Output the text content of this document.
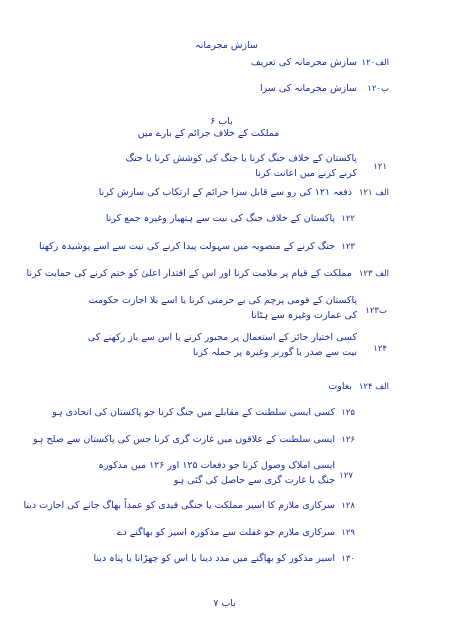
سازش مجرمانہ
الف۱۲۰
سازش مجرمانہ کی تعریف
ب۱۲۰
سازش مجرمانہ کی سزا
باب ۶
مملکت کے خلاف جرائم کے بارے میں
۱۲۱
پاکستان کے خلاف جنگ کرنا یا جنگ کی کوشش کرنا یا جنگ کرنے کرنے میں اعانت کرنا
الف ۱۲۱
دفعہ ۱۲۱ کی رو سے قابل سزا جرائم کے ارتکاب کی سازش کرنا
۱۲۲
پاکستان کے خلاف جنگ کی نیت سے ہتھیار وغیرہ جمع کرنا
۱۲۳
جنگ کرنے کے منصوبہ میں سہولت پیدا کرنے کی نیت سے اسے پوشیدہ رکھنا
الف ۱۲۳
مملکت کے قیام پر ملامت کرنا اور اس کے اقتدار اعلیٰ کو ختم کرنے کی حمایت کرنا
ب۱۲۳
پاکستان کے قومی پرچم کی بے حرمتی کرنا یا اسے بلا اجازت حکومت کی عمارت وغیرہ سے ہٹانا
۱۲۴
کسی اختیار جائز کے استعمال پر مجبور کرنے یا اس سے باز رکھنے کی نیت سے صدر یا گورنر وغیرہ پر حملہ کرنا
الف ۱۲۴
بغاوت
۱۲۵
کسی ایسی سلطنت کے مقابلے میں جنگ کرنا جو پاکستان کی اتحادی ہو
۱۲۶
ایسی سلطنت کے علاقوں میں غارت گری کرنا جس کی پاکستان سے صلح ہو
۱۲۷
ایسی املاک وصول کرنا جو دفعات ۱۲۵ اور ۱۲۶ میں مذکورہ جنگ یا غارت گری سے حاصل کی گئی ہو
۱۲۸
سرکاری ملازم کا اسیر مملکت یا جنگی قیدی کو عمداً بھاگ جانے کی اجازت دینا
۱۲۹
سرکاری ملازم جو غفلت سے مذکورہ اسیر کو بھاگنے دے
۱۳۰
اسیر مذکور کو بھاگنے میں مدد دینا یا اس کو چھڑانا یا پناہ دینا
باب ۷
